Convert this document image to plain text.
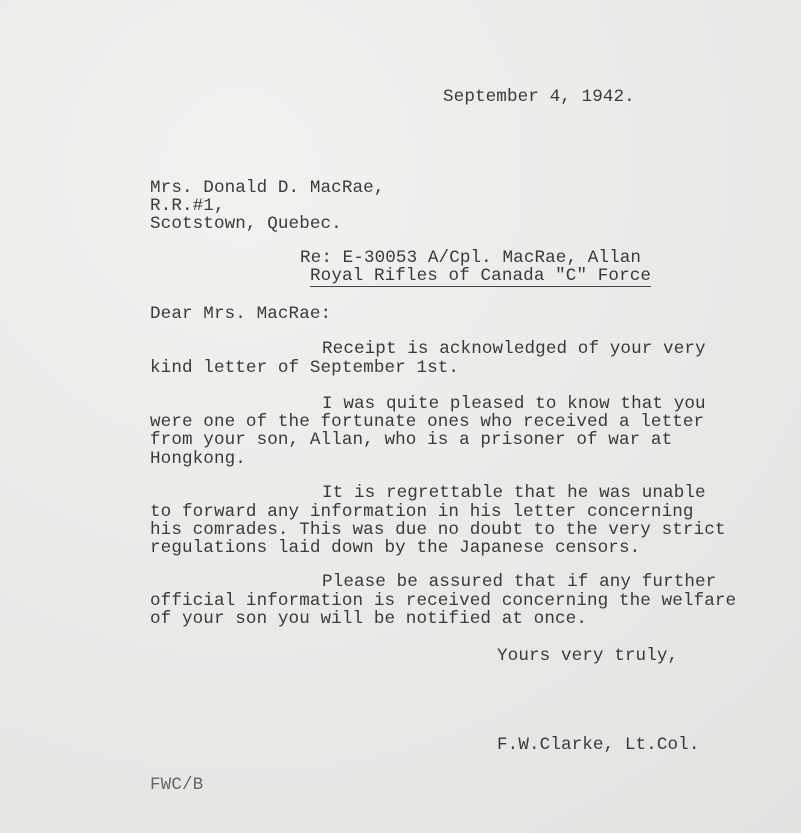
September 4, 1942.
Mrs. Donald D. MacRae,
R.R.#1,
Scotstown, Quebec.
Re: E-30053 A/Cpl. MacRae, Allan
Royal Rifles of Canada "C" Force
Dear Mrs. MacRae:
Receipt is acknowledged of your very
kind letter of September 1st.
I was quite pleased to know that you
were one of the fortunate ones who received a letter
from your son, Allan, who is a prisoner of war at
Hongkong.
It is regrettable that he was unable
to forward any information in his letter concerning
his comrades. This was due no doubt to the very strict
regulations laid down by the Japanese censors.
Please be assured that if any further
official information is received concerning the welfare
of your son you will be notified at once.
Yours very truly,
F.W.Clarke, Lt.Col.
FWC/B
